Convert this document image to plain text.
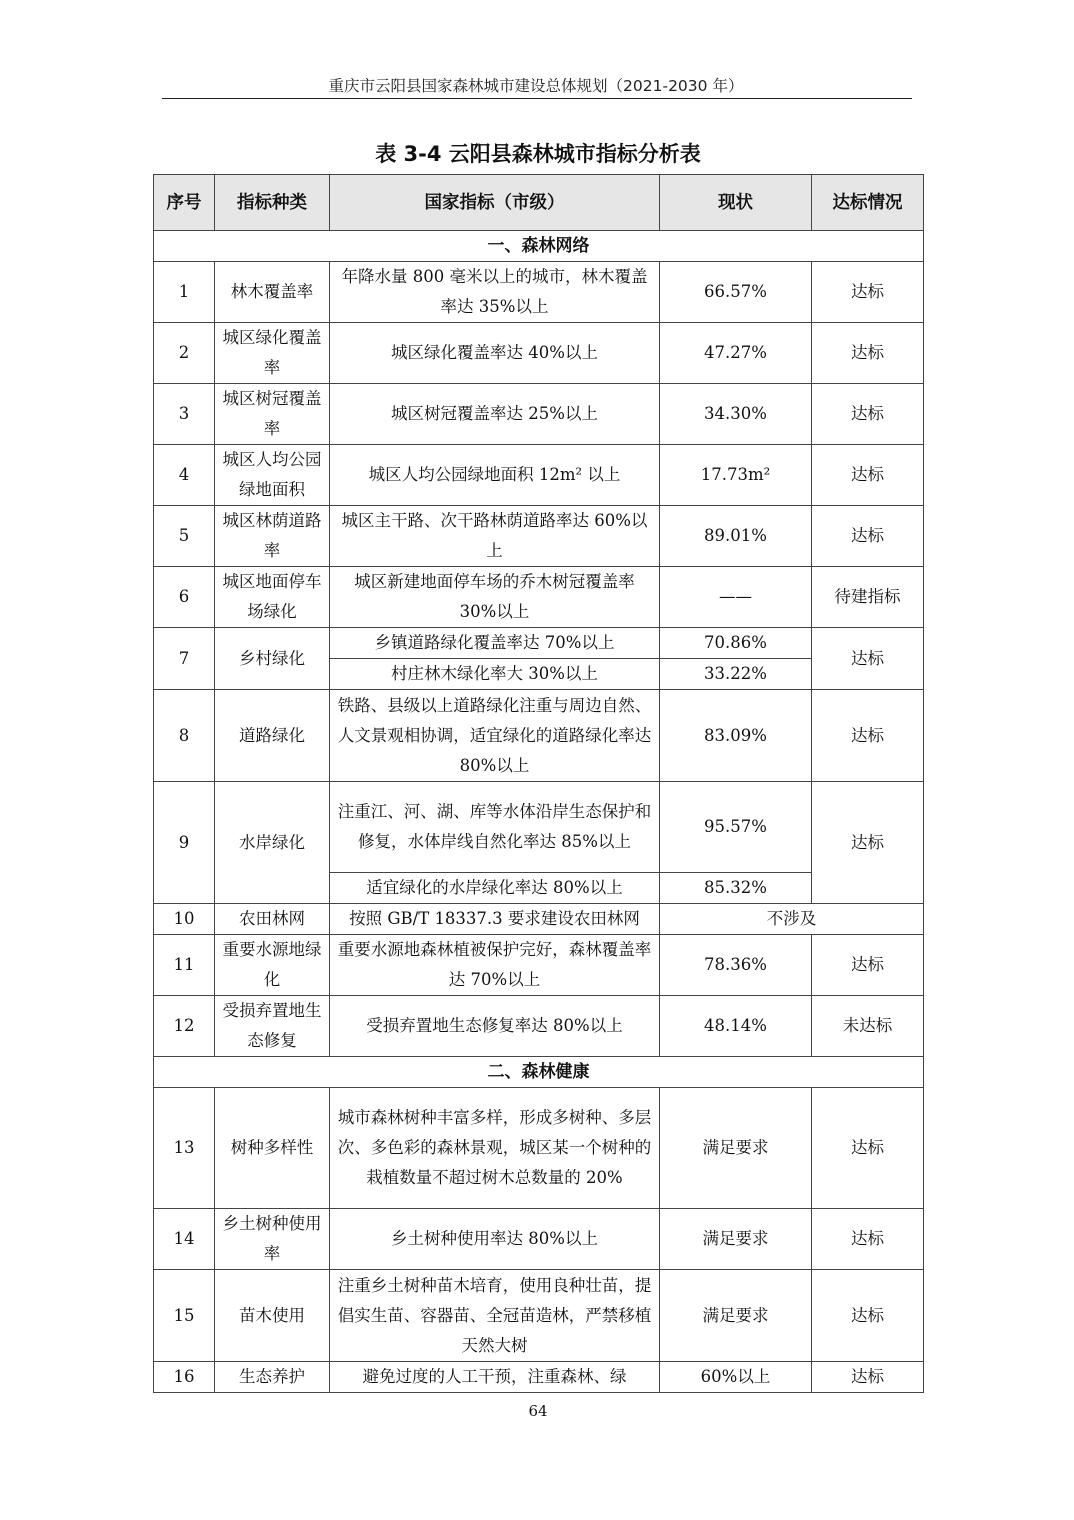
重庆市云阳县国家森林城市建设总体规划（2021-2030 年）
表 3-4 云阳县森林城市指标分析表
序号	指标种类	国家指标（市级）	现状	达标情况
一、森林网络				
1	林木覆盖率	年降水量 800 毫米以上的城市，林木覆盖率达 35%以上	66.57%	达标
2	城区绿化覆盖率	城区绿化覆盖率达 40%以上	47.27%	达标
3	城区树冠覆盖率	城区树冠覆盖率达 25%以上	34.30%	达标
4	城区人均公园绿地面积	城区人均公园绿地面积 12m² 以上	17.73m²	达标
5	城区林荫道路率	城区主干路、次干路林荫道路率达 60%以上	89.01%	达标
6	城区地面停车场绿化	城区新建地面停车场的乔木树冠覆盖率 30%以上	——	待建指标
7	乡村绿化	乡镇道路绿化覆盖率达 70%以上	70.86%	达标
		村庄林木绿化率大 30%以上	33.22%	
8	道路绿化	铁路、县级以上道路绿化注重与周边自然、人文景观相协调，适宜绿化的道路绿化率达 80%以上	83.09%	达标
9	水岸绿化	注重江、河、湖、库等水体沿岸生态保护和修复，水体岸线自然化率达 85%以上	95.57%	达标
		适宜绿化的水岸绿化率达 80%以上	85.32%	
10	农田林网	按照 GB/T 18337.3 要求建设农田林网	不涉及	
11	重要水源地绿化	重要水源地森林植被保护完好，森林覆盖率达 70%以上	78.36%	达标
12	受损弃置地生态修复	受损弃置地生态修复率达 80%以上	48.14%	未达标
二、森林健康				
13	树种多样性	城市森林树种丰富多样，形成多树种、多层次、多色彩的森林景观，城区某一个树种的栽植数量不超过树木总数量的 20%	满足要求	达标
14	乡土树种使用率	乡土树种使用率达 80%以上	满足要求	达标
15	苗木使用	注重乡土树种苗木培育，使用良种壮苗，提倡实生苗、容器苗、全冠苗造林，严禁移植天然大树	满足要求	达标
16	生态养护	避免过度的人工干预，注重森林、绿	60%以上	达标
64
